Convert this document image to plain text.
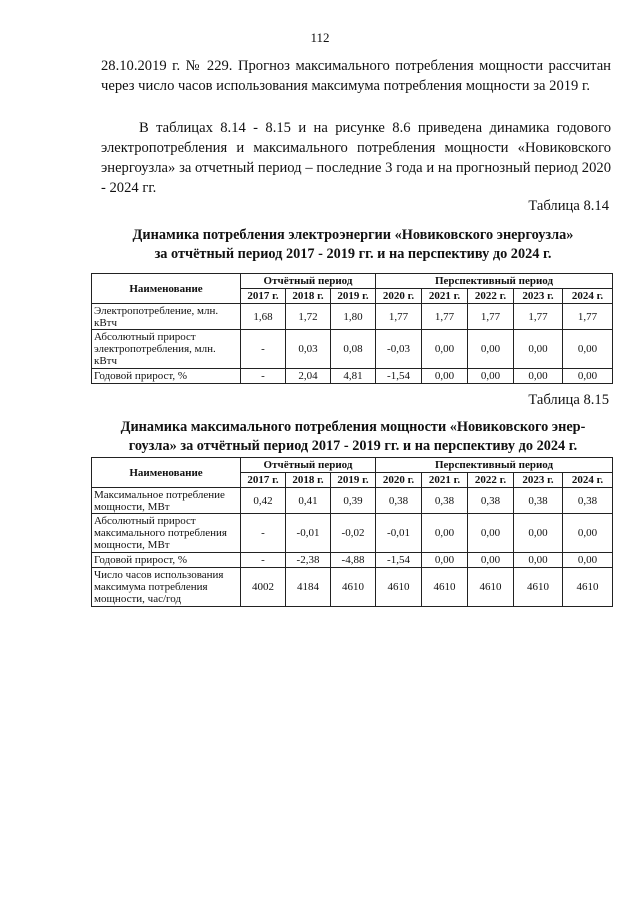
112
28.10.2019 г. № 229. Прогноз максимального потребления мощности рассчитан через число часов использования максимума потребления мощности за 2019 г.
В таблицах 8.14 - 8.15 и на рисунке 8.6 приведена динамика годового электропотребления и максимального потребления мощности «Новиковского энергоузла» за отчетный период – последние 3 года и на прогнозный период 2020 - 2024 гг.
Таблица 8.14
Динамика потребления электроэнергии «Новиковского энергоузла»
за отчётный период 2017 - 2019 гг. и на перспективу до 2024 г.
Наименование	Отчётный период			Перспективный период				
	2017 г.	2018 г.	2019 г.	2020 г.	2021 г.	2022 г.	2023 г.	2024 г.
Электропотребление, млн. кВтч	1,68	1,72	1,80	1,77	1,77	1,77	1,77	1,77
Абсолютный прирост электропотребления, млн. кВтч	-	0,03	0,08	-0,03	0,00	0,00	0,00	0,00
Годовой прирост, %	-	2,04	4,81	-1,54	0,00	0,00	0,00	0,00
Таблица 8.15
Динамика максимального потребления мощности «Новиковского энер-
гоузла» за отчётный период 2017 - 2019 гг. и на перспективу до 2024 г.
Наименование	Отчётный период			Перспективный период				
	2017 г.	2018 г.	2019 г.	2020 г.	2021 г.	2022 г.	2023 г.	2024 г.
Максимальное потребление мощности, МВт	0,42	0,41	0,39	0,38	0,38	0,38	0,38	0,38
Абсолютный прирост максимального потребления мощности, МВт	-	-0,01	-0,02	-0,01	0,00	0,00	0,00	0,00
Годовой прирост, %	-	-2,38	-4,88	-1,54	0,00	0,00	0,00	0,00
Число часов использования максимума потребления мощности, час/год	4002	4184	4610	4610	4610	4610	4610	4610
